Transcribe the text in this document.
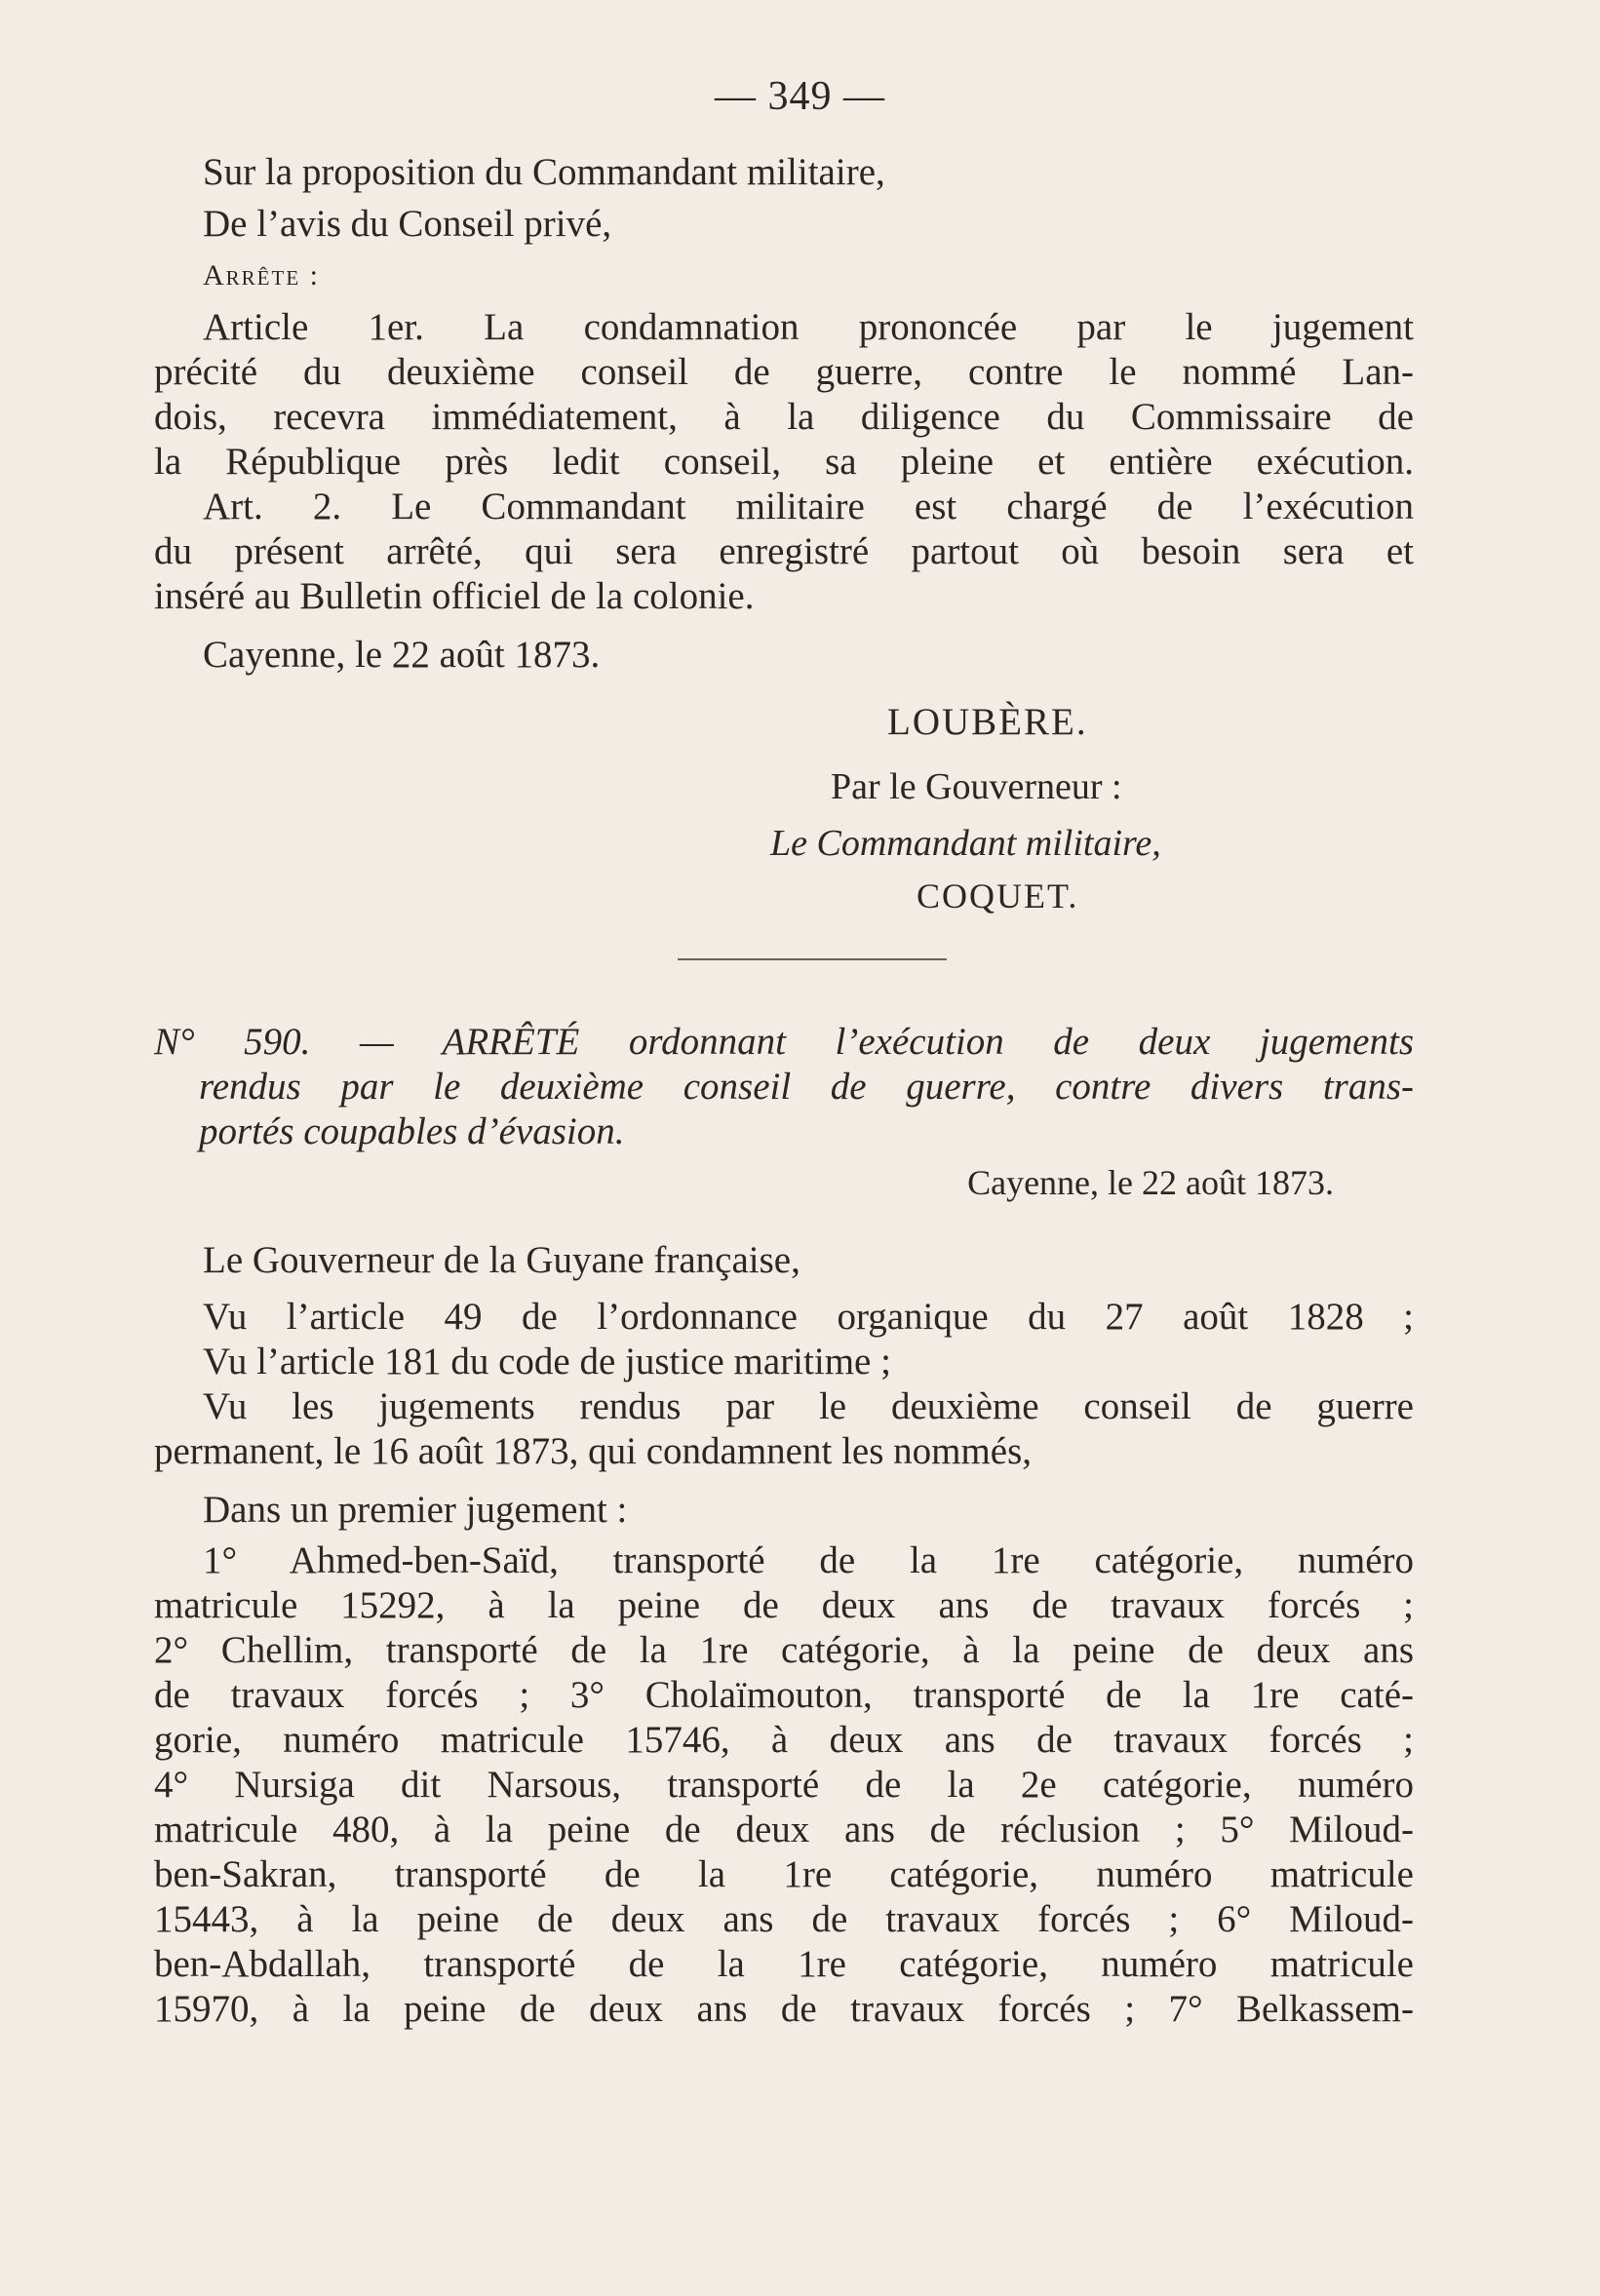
— 349 —
Sur la proposition du Commandant militaire,
De l’avis du Conseil privé,
Arrête :
Article 1er. La condamnation prononcée par le jugement
précité du deuxième conseil de guerre, contre le nommé Lan-
dois, recevra immédiatement, à la diligence du Commissaire de
la République près ledit conseil, sa pleine et entière exécution.
Art. 2. Le Commandant militaire est chargé de l’exécution
du présent arrêté, qui sera enregistré partout où besoin sera et
inséré au Bulletin officiel de la colonie.
Cayenne, le 22 août 1873.
LOUBÈRE.
Par le Gouverneur :
Le Commandant militaire,
COQUET.
N° 590. — ARRÊTÉ ordonnant l’exécution de deux jugements
rendus par le deuxième conseil de guerre, contre divers trans-
portés coupables d’évasion.
Cayenne, le 22 août 1873.
Le Gouverneur de la Guyane française,
Vu l’article 49 de l’ordonnance organique du 27 août 1828 ;
Vu l’article 181 du code de justice maritime ;
Vu les jugements rendus par le deuxième conseil de guerre
permanent, le 16 août 1873, qui condamnent les nommés,
Dans un premier jugement :
1° Ahmed-ben-Saïd, transporté de la 1re catégorie, numéro
matricule 15292, à la peine de deux ans de travaux forcés ;
2° Chellim, transporté de la 1re catégorie, à la peine de deux ans
de travaux forcés ; 3° Cholaïmouton, transporté de la 1re caté-
gorie, numéro matricule 15746, à deux ans de travaux forcés ;
4° Nursiga dit Narsous, transporté de la 2e catégorie, numéro
matricule 480, à la peine de deux ans de réclusion ; 5° Miloud-
ben-Sakran, transporté de la 1re catégorie, numéro matricule
15443, à la peine de deux ans de travaux forcés ; 6° Miloud-
ben-Abdallah, transporté de la 1re catégorie, numéro matricule
15970, à la peine de deux ans de travaux forcés ; 7° Belkassem-
